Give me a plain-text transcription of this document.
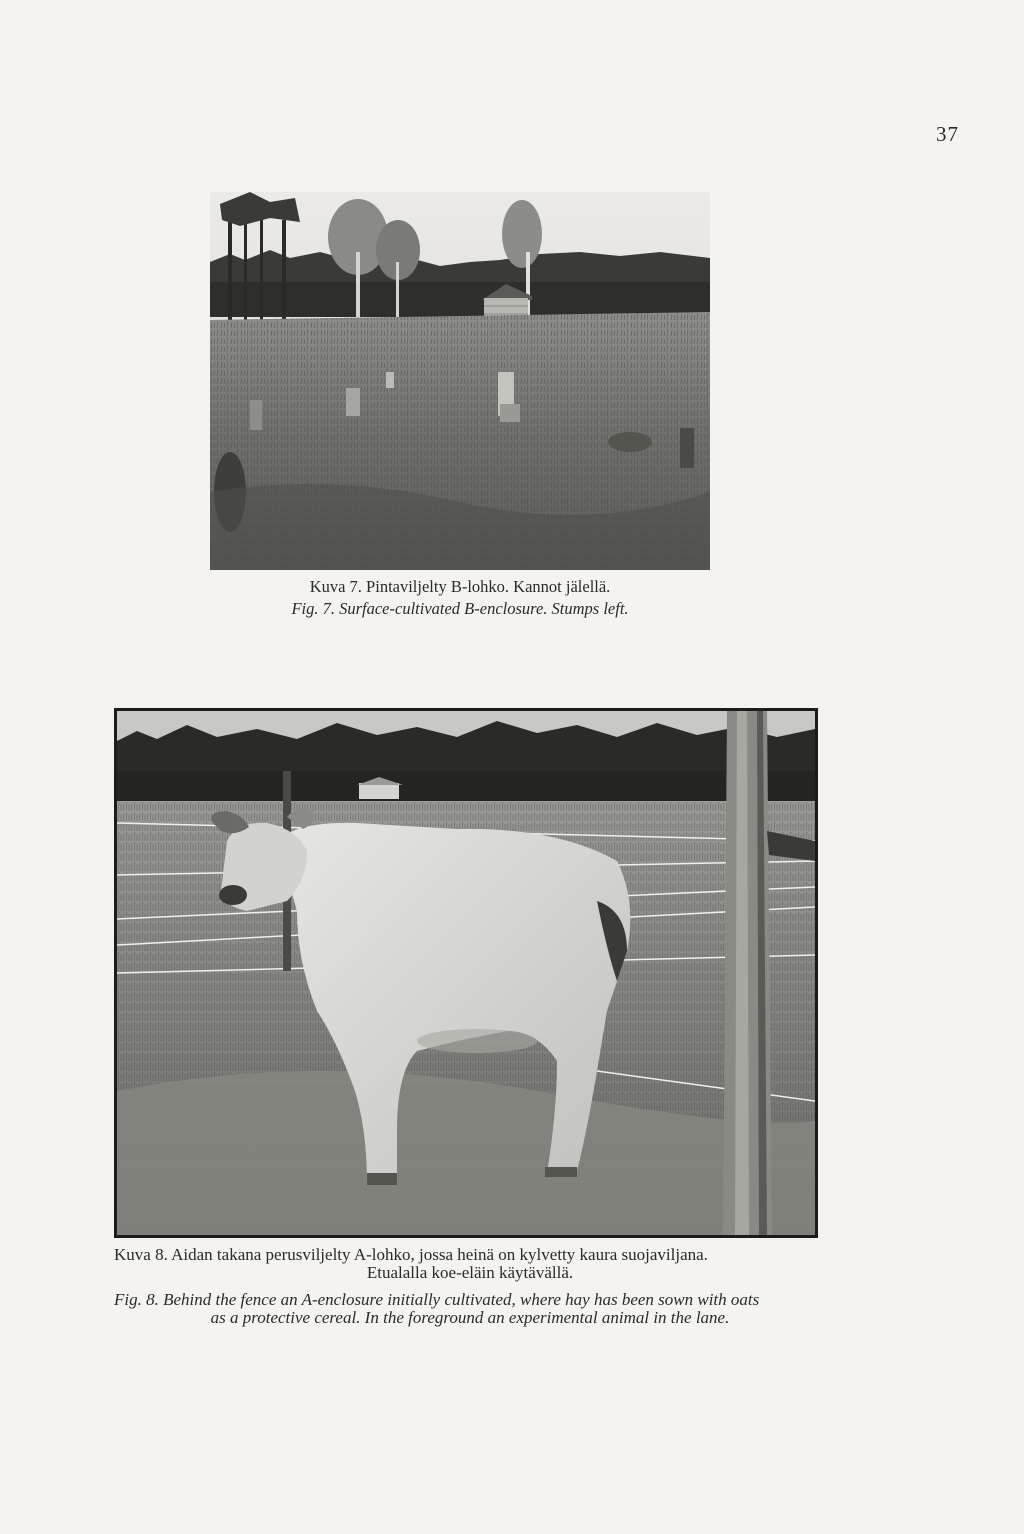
37
Kuva 7. Pintaviljelty B-lohko. Kannot jälellä.
Fig. 7. Surface-cultivated B-enclosure. Stumps left.
Kuva 8. Aidan takana perusviljelty A-lohko, jossa heinä on kylvetty kaura suojaviljana.
Etualalla koe-eläin käytävällä.
Fig. 8. Behind the fence an A-enclosure initially cultivated, where hay has been sown with oats
as a protective cereal. In the foreground an experimental animal in the lane.
